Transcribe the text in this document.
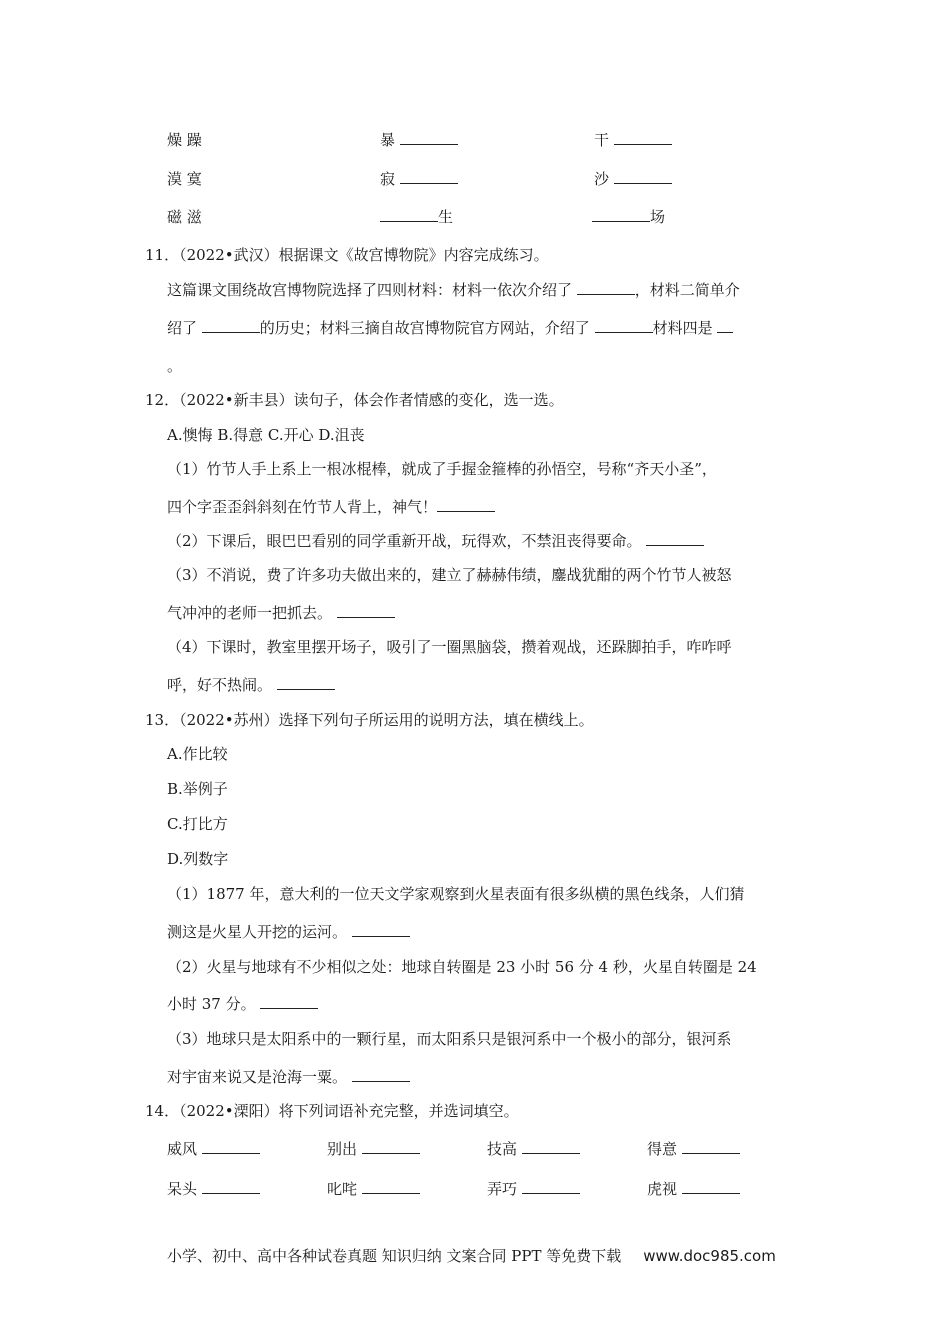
燥 躁	暴	干
漠 寞	寂	沙
磁 滋	生	场
11．（2022•武汉）根据课文《故宫博物院》内容完成练习。
这篇课文围绕故宫博物院选择了四则材料：材料一依次介绍了	，材料二简单介
绍了	的历史；材料三摘自故宫博物院官方网站，介绍了	材料四是
。
12．（2022•新丰县）读句子，体会作者情感的变化，选一选。
A.懊悔 B.得意 C.开心 D.沮丧
（1）竹节人手上系上一根冰棍棒，就成了手握金箍棒的孙悟空，号称“齐天小圣”，
四个字歪歪斜斜刻在竹节人背上，神气！
（2）下课后，眼巴巴看别的同学重新开战，玩得欢，不禁沮丧得要命。
（3）不消说，费了许多功夫做出来的，建立了赫赫伟绩，鏖战犹酣的两个竹节人被怒
气冲冲的老师一把抓去。
（4）下课时，教室里摆开场子，吸引了一圈黑脑袋，攒着观战，还跺脚拍手，咋咋呼
呼，好不热闹。
13．（2022•苏州）选择下列句子所运用的说明方法，填在横线上。
A.作比较
B.举例子
C.打比方
D.列数字
（1）1877 年，意大利的一位天文学家观察到火星表面有很多纵横的黑色线条，人们猜
测这是火星人开挖的运河。
（2）火星与地球有不少相似之处：地球自转圈是 23 小时 56 分 4 秒，火星自转圈是 24
小时 37 分。
（3）地球只是太阳系中的一颗行星，而太阳系只是银河系中一个极小的部分，银河系
对宇宙来说又是沧海一粟。
14．（2022•溧阳）将下列词语补充完整，并选词填空。
威风	别出	技高	得意
呆头	叱咤	弄巧	虎视
小学、初中、高中各种试卷真题 知识归纳 文案合同 PPT 等免费下载 www.doc985.com
